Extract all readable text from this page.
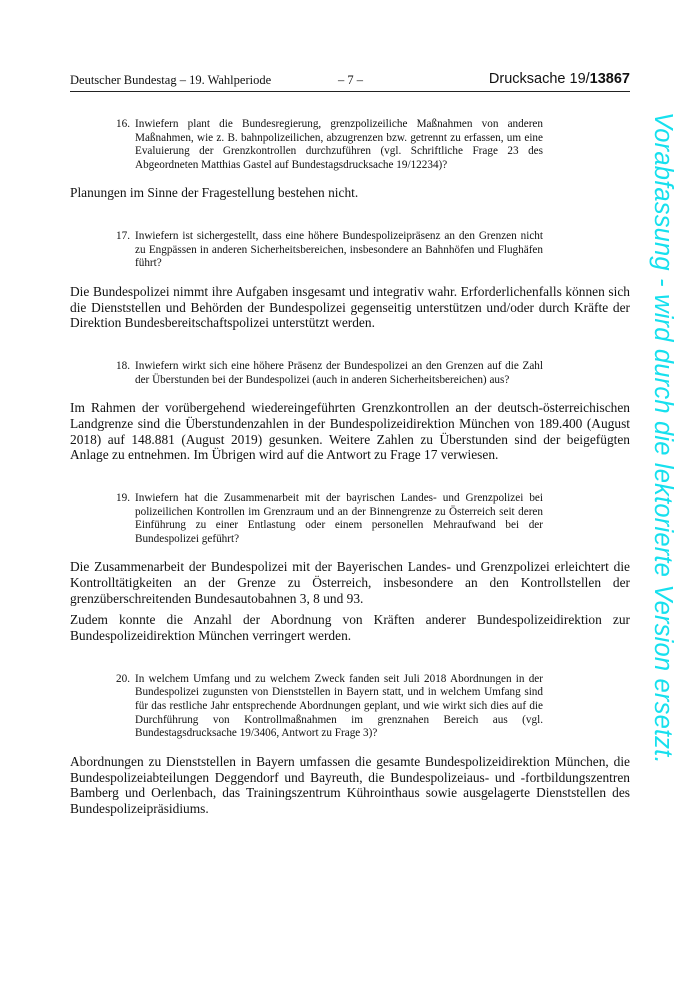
Deutscher Bundestag – 19. Wahlperiode	– 7 –	Drucksache 19/13867
16. Inwiefern plant die Bundesregierung, grenzpolizeiliche Maßnahmen von anderen Maßnahmen, wie z. B. bahnpolizeilichen, abzugrenzen bzw. getrennt zu erfassen, um eine Evaluierung der Grenzkontrollen durchzuführen (vgl. Schriftliche Frage 23 des Abgeordneten Matthias Gastel auf Bundestagsdrucksache 19/12234)?

Planungen im Sinne der Fragestellung bestehen nicht.

17. Inwiefern ist sichergestellt, dass eine höhere Bundespolizeipräsenz an den Grenzen nicht zu Engpässen in anderen Sicherheitsbereichen, insbesondere an Bahnhöfen und Flughäfen führt?

Die Bundespolizei nimmt ihre Aufgaben insgesamt und integrativ wahr. Erforderlichenfalls können sich die Dienststellen und Behörden der Bundespolizei gegenseitig unterstützen und/oder durch Kräfte der Direktion Bundesbereitschaftspolizei unterstützt werden.

18. Inwiefern wirkt sich eine höhere Präsenz der Bundespolizei an den Grenzen auf die Zahl der Überstunden bei der Bundespolizei (auch in anderen Sicherheitsbereichen) aus?

Im Rahmen der vorübergehend wiedereingeführten Grenzkontrollen an der deutsch-österreichischen Landgrenze sind die Überstundenzahlen in der Bundespolizeidirektion München von 189.400 (August 2018) auf 148.881 (August 2019) gesunken. Weitere Zahlen zu Überstunden sind der beigefügten Anlage zu entnehmen. Im Übrigen wird auf die Antwort zu Frage 17 verwiesen.

19. Inwiefern hat die Zusammenarbeit mit der bayrischen Landes- und Grenzpolizei bei polizeilichen Kontrollen im Grenzraum und an der Binnengrenze zu Österreich seit deren Einführung zu einer Entlastung oder einem personellen Mehraufwand bei der Bundespolizei geführt?

Die Zusammenarbeit der Bundespolizei mit der Bayerischen Landes- und Grenzpolizei erleichtert die Kontrolltätigkeiten an der Grenze zu Österreich, insbesondere an den Kontrollstellen der grenzüberschreitenden Bundesautobahnen 3, 8 und 93.

Zudem konnte die Anzahl der Abordnung von Kräften anderer Bundespolizeidirektion zur Bundespolizeidirektion München verringert werden.

20. In welchem Umfang und zu welchem Zweck fanden seit Juli 2018 Abordnungen in der Bundespolizei zugunsten von Dienststellen in Bayern statt, und in welchem Umfang sind für das restliche Jahr entsprechende Abordnungen geplant, und wie wirkt sich dies auf die Durchführung von Kontrollmaßnahmen im grenznahen Bereich aus (vgl. Bundestagsdrucksache 19/3406, Antwort zu Frage 3)?

Abordnungen zu Dienststellen in Bayern umfassen die gesamte Bundespolizeidirektion München, die Bundespolizeiabteilungen Deggendorf und Bayreuth, die Bundespolizeiaus- und -fortbildungszentren Bamberg und Oerlenbach, das Trainingszentrum Kührointhaus sowie ausgelagerte Dienststellen des Bundespolizeipräsidiums.

Vorabfassung - wird durch die lektorierte Version ersetzt.
